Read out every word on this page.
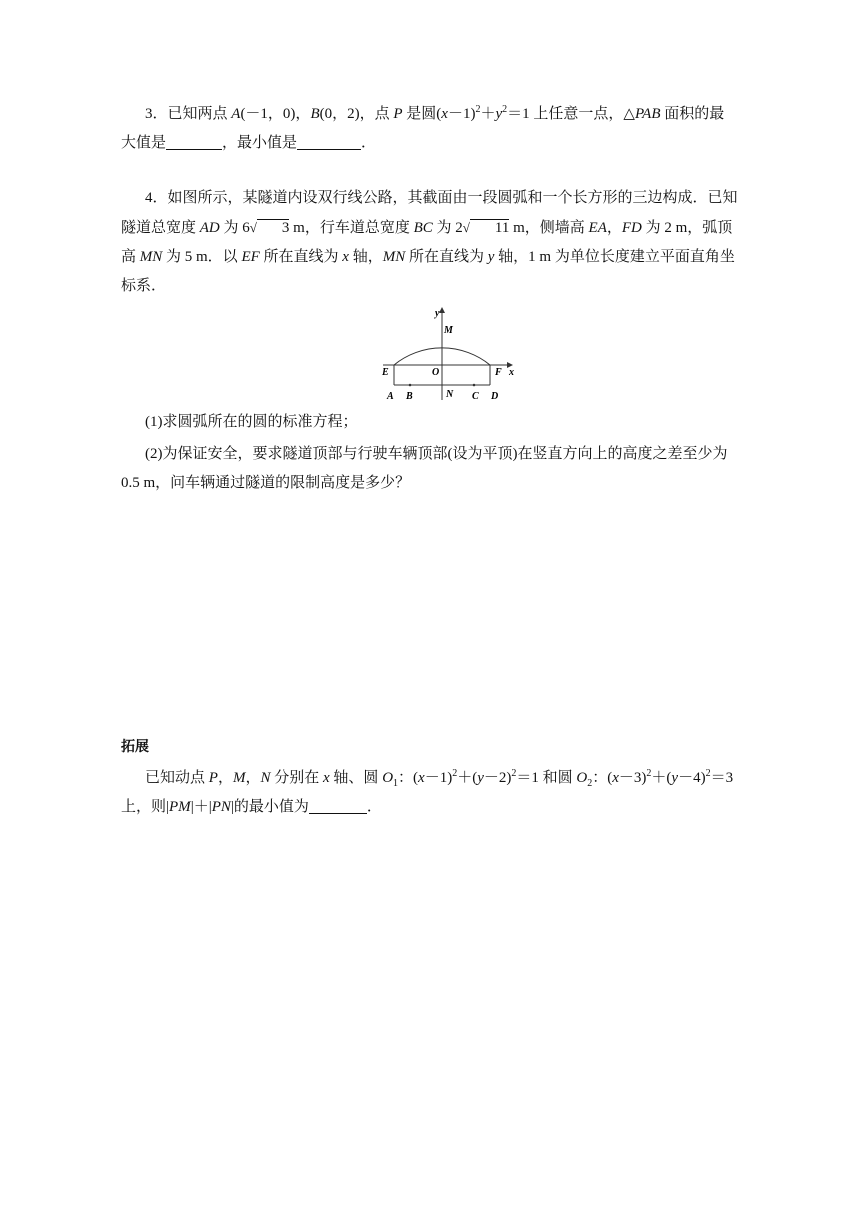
3．已知两点 A(－1，0)，B(0，2)，点 P 是圆$(x-1)^2+y^2=1$ 上任意一点，△PAB 面积的最大值是	，最小值是	．

4．如图所示，某隧道内设双行线公路，其截面由一段圆弧和一个长方形的三边构成．已知隧道总宽度 AD 为 6√ 3 m，行车道总宽度 BC 为 2√ 11 m，侧墙高 EA，FD 为 2 m，弧顶高 MN 为 5 m．以 EF 所在直线为 x 轴，MN 所在直线为 y 轴，1 m 为单位长度建立平面直角坐标系．

y
M
E	O	F x
A B	N C D

(1)求圆弧所在的圆的标准方程；

(2)为保证安全，要求隧道顶部与行驶车辆顶部(设为平顶)在竖直方向上的高度之差至少为 0.5 m，问车辆通过隧道的限制高度是多少？

拓展

已知动点 P，M，N 分别在 x 轴、圆 $O_1$：$(x-1)^2+(y-2)^2=1$ 和圆 $O_2$：$(x-3)^2+(y-4)^2=3$ 上，则|PM|＋|PN|的最小值为	．
